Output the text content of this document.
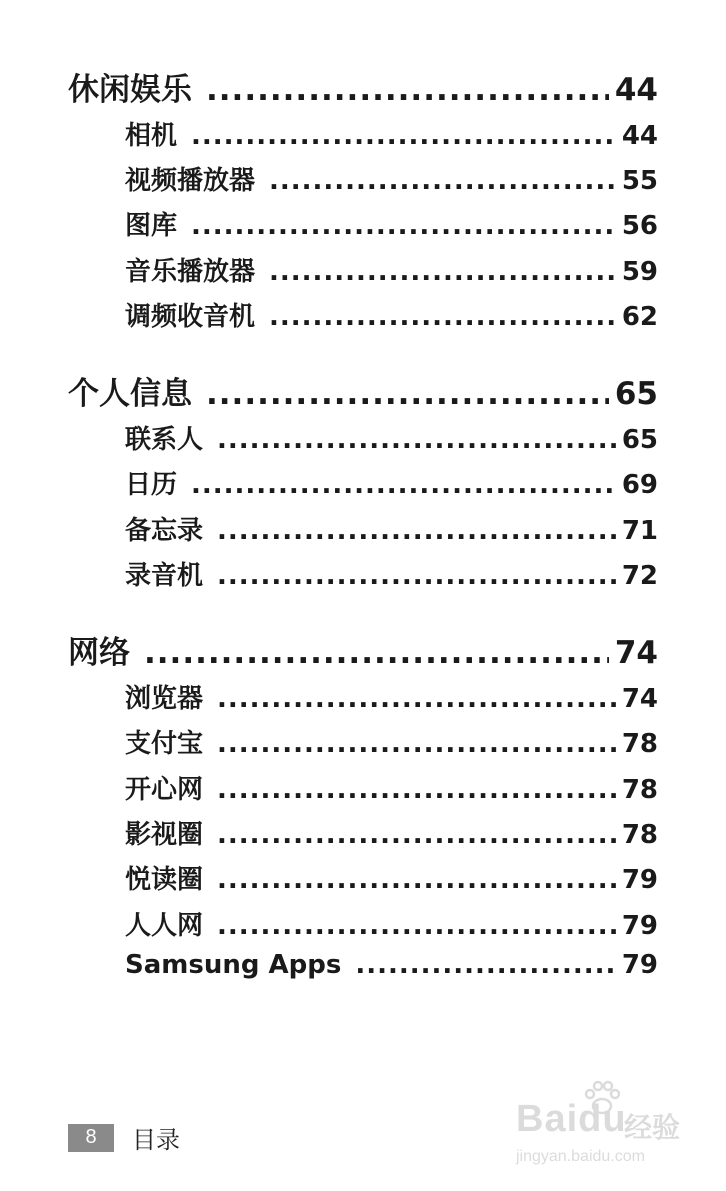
休闲娱乐 .....	44
相机 .....	44
视频播放器 .....	55
图库 .....	56
音乐播放器 .....	59
调频收音机 .....	62
个人信息 .....	65
联系人 .....	65
日历 .....	69
备忘录 .....	71
录音机 .....	72
网络 .....	74
浏览器 .....	74
支付宝 .....	78
开心网 .....	78
影视圈 .....	78
悦读圈 .....	79
人人网 .....	79
Samsung Apps .....	79
8	目录	Baidu
经验
jingyan.baidu.com
